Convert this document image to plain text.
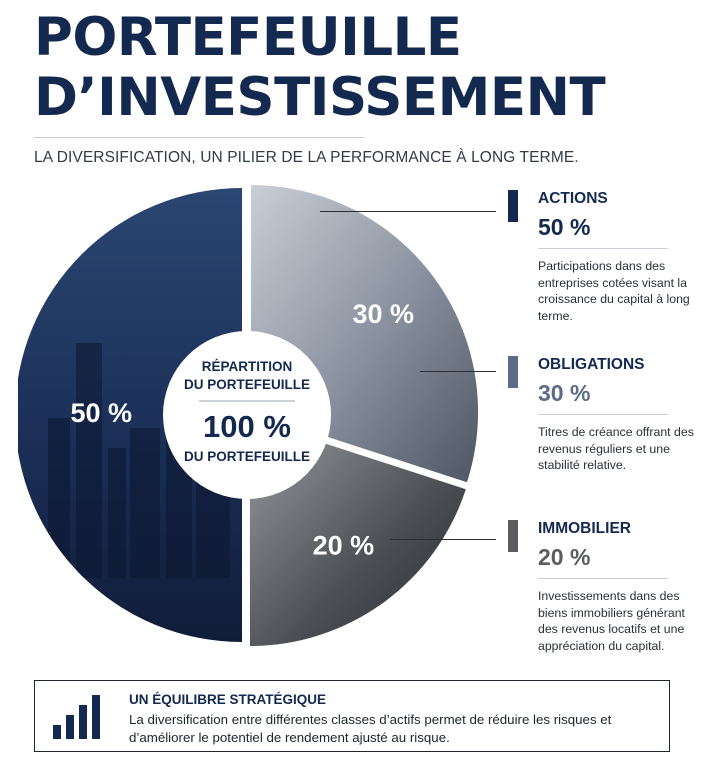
PORTEFEUILLE
D’INVESTISSEMENT
LA DIVERSIFICATION, UN PILIER DE LA PERFORMANCE À LONG TERME.
50 %
30 %
20 %
RÉPARTITION
DU PORTEFEUILLE
100 %
DU PORTEFEUILLE
ACTIONS
50 %
Participations dans des entreprises cotées visant la croissance du capital à long terme.
OBLIGATIONS
30 %
Titres de créance offrant des revenus réguliers et une stabilité relative.
IMMOBILIER
20 %
Investissements dans des biens immobiliers générant des revenus locatifs et une appréciation du capital.
UN ÉQUILIBRE STRATÉGIQUE
La diversification entre différentes classes d’actifs permet de réduire les risques et d’améliorer le potentiel de rendement ajusté au risque.
